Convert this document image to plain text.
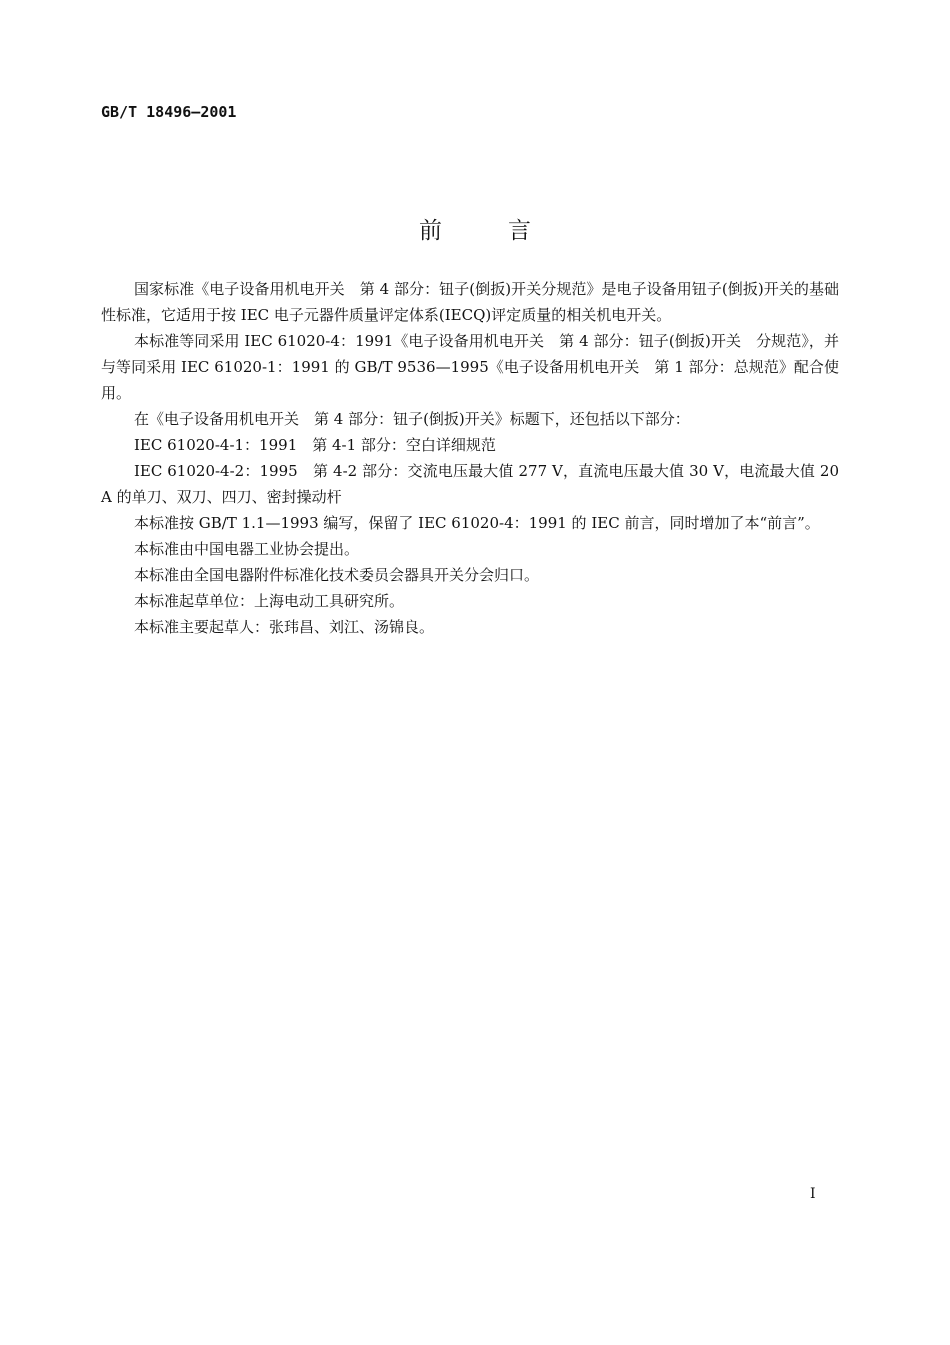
GB/T 18496—2001
前言

国家标准《电子设备用机电开关　第 4 部分：钮子(倒扳)开关分规范》是电子设备用钮子(倒扳)开关的基础性标准，它适用于按 IEC 电子元器件质量评定体系(IECQ)评定质量的相关机电开关。

本标准等同采用 IEC 61020-4：1991《电子设备用机电开关　第 4 部分：钮子(倒扳)开关　分规范》，并与等同采用 IEC 61020-1：1991 的 GB/T 9536—1995《电子设备用机电开关　第 1 部分：总规范》配合使用。

在《电子设备用机电开关　第 4 部分：钮子(倒扳)开关》标题下，还包括以下部分：

IEC 61020-4-1：1991　第 4-1 部分：空白详细规范

IEC 61020-4-2：1995　第 4-2 部分：交流电压最大值 277 V，直流电压最大值 30 V，电流最大值 20 A 的单刀、双刀、四刀、密封操动杆

本标准按 GB/T 1.1—1993 编写，保留了 IEC 61020-4：1991 的 IEC 前言，同时增加了本“前言”。

本标准由中国电器工业协会提出。

本标准由全国电器附件标准化技术委员会器具开关分会归口。

本标准起草单位：上海电动工具研究所。

本标准主要起草人：张玮昌、刘江、汤锦良。

I
